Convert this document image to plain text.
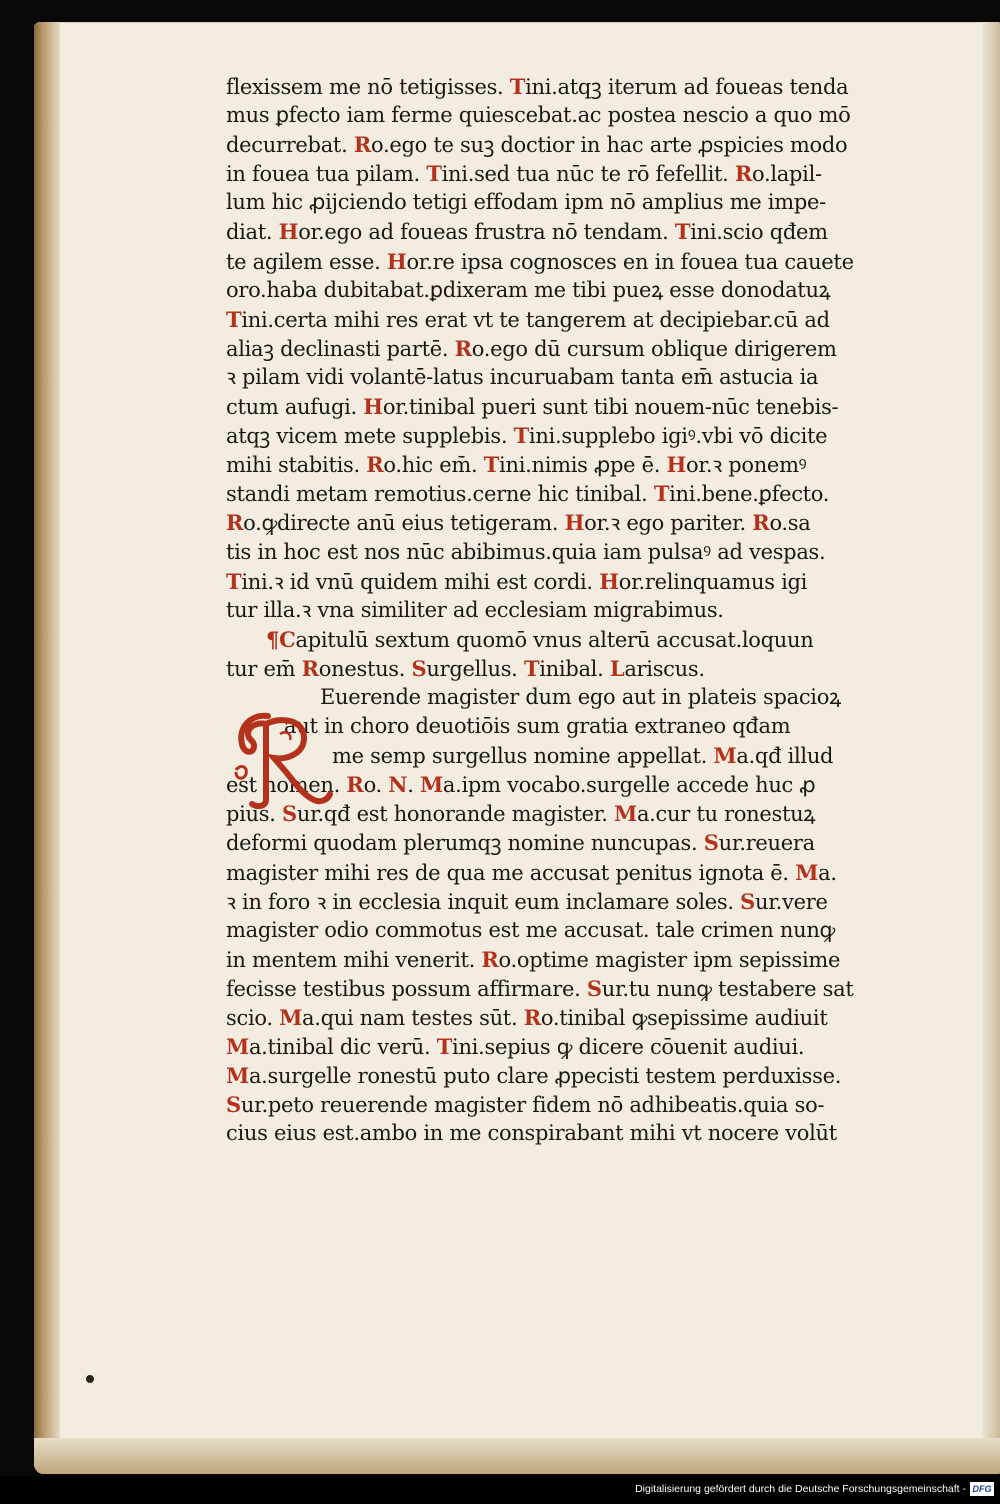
flexissem me nō tetigisses. Tini.atqꝫ iterum ad foueas tenda
mus ꝑfecto iam ferme quiescebat.ac postea nescio a quo mō
decurrebat. Ro.ego te suꝫ doctior in hac arte ꝓspicies modo
in fouea tua pilam. Tini.sed tua nūc te rō fefellit. Ro.lapil-
lum hic ꝓijciendo tetigi effodam ipm nō amplius me impe-
diat. Hor.ego ad foueas frustra nō tendam. Tini.scio qđem
te agilem esse. Hor.re ipsa cognosces en in fouea tua cauete
oro.haba dubitabat.ꝑdixeram me tibi pueꝝ esse donodatuꝝ
Tini.certa mihi res erat vt te tangerem at decipiebar.cū ad
aliaꝫ declinasti partē. Ro.ego dū cursum oblique dirigerem
ꝛ pilam vidi volantē-latus incuruabam tanta em̄ astucia ia
ctum aufugi. Hor.tinibal pueri sunt tibi nouem-nūc tenebis-
atqꝫ vicem mete supplebis. Tini.supplebo igiꝰ.vbi vō dicite
mihi stabitis. Ro.hic em̄. Tini.nimis ꝓpe ē. Hor.ꝛ ponemꝰ
standi metam remotius.cerne hic tinibal. Tini.bene.ꝑfecto.
Ro.ꝙdirecte anū eius tetigeram. Hor.ꝛ ego pariter. Ro.sa
tis in hoc est nos nūc abibimus.quia iam pulsaꝰ ad vespas.
Tini.ꝛ id vnū quidem mihi est cordi. Hor.relinquamus igi
tur illa.ꝛ vna similiter ad ecclesiam migrabimus.
¶Capitulū sextum quomō vnus alterū accusat.loquun
tur em̄ Ronestus. Surgellus. Tinibal. Lariscus.
Euerende magister dum ego aut in plateis spacioꝝ
aut in choro deuotiōis sum gratia extraneo qđam
me semp surgellus nomine appellat. Ma.qđ illud
est nomen. Ro. N. Ma.ipm vocabo.surgelle accede huc ꝓ
pius. Sur.qđ est honorande magister. Ma.cur tu ronestuꝝ
deformi quodam plerumqꝫ nomine nuncupas. Sur.reuera
magister mihi res de qua me accusat penitus ignota ē. Ma.
ꝛ in foro ꝛ in ecclesia inquit eum inclamare soles. Sur.vere
magister odio commotus est me accusat. tale crimen nunꝙ
in mentem mihi venerit. Ro.optime magister ipm sepissime
fecisse testibus possum affirmare. Sur.tu nunꝙ testabere sat
scio. Ma.qui nam testes sūt. Ro.tinibal ꝙsepissime audiuit
Ma.tinibal dic verū. Tini.sepius ꝙ dicere cōuenit audiui.
Ma.surgelle ronestū puto clare ꝓpecisti testem perduxisse.
Sur.peto reuerende magister fidem nō adhibeatis.quia so-
cius eius est.ambo in me conspirabant mihi vt nocere volūt
Digitalisierung gefördert durch die Deutsche Forschungsgemeinschaft - DFG
